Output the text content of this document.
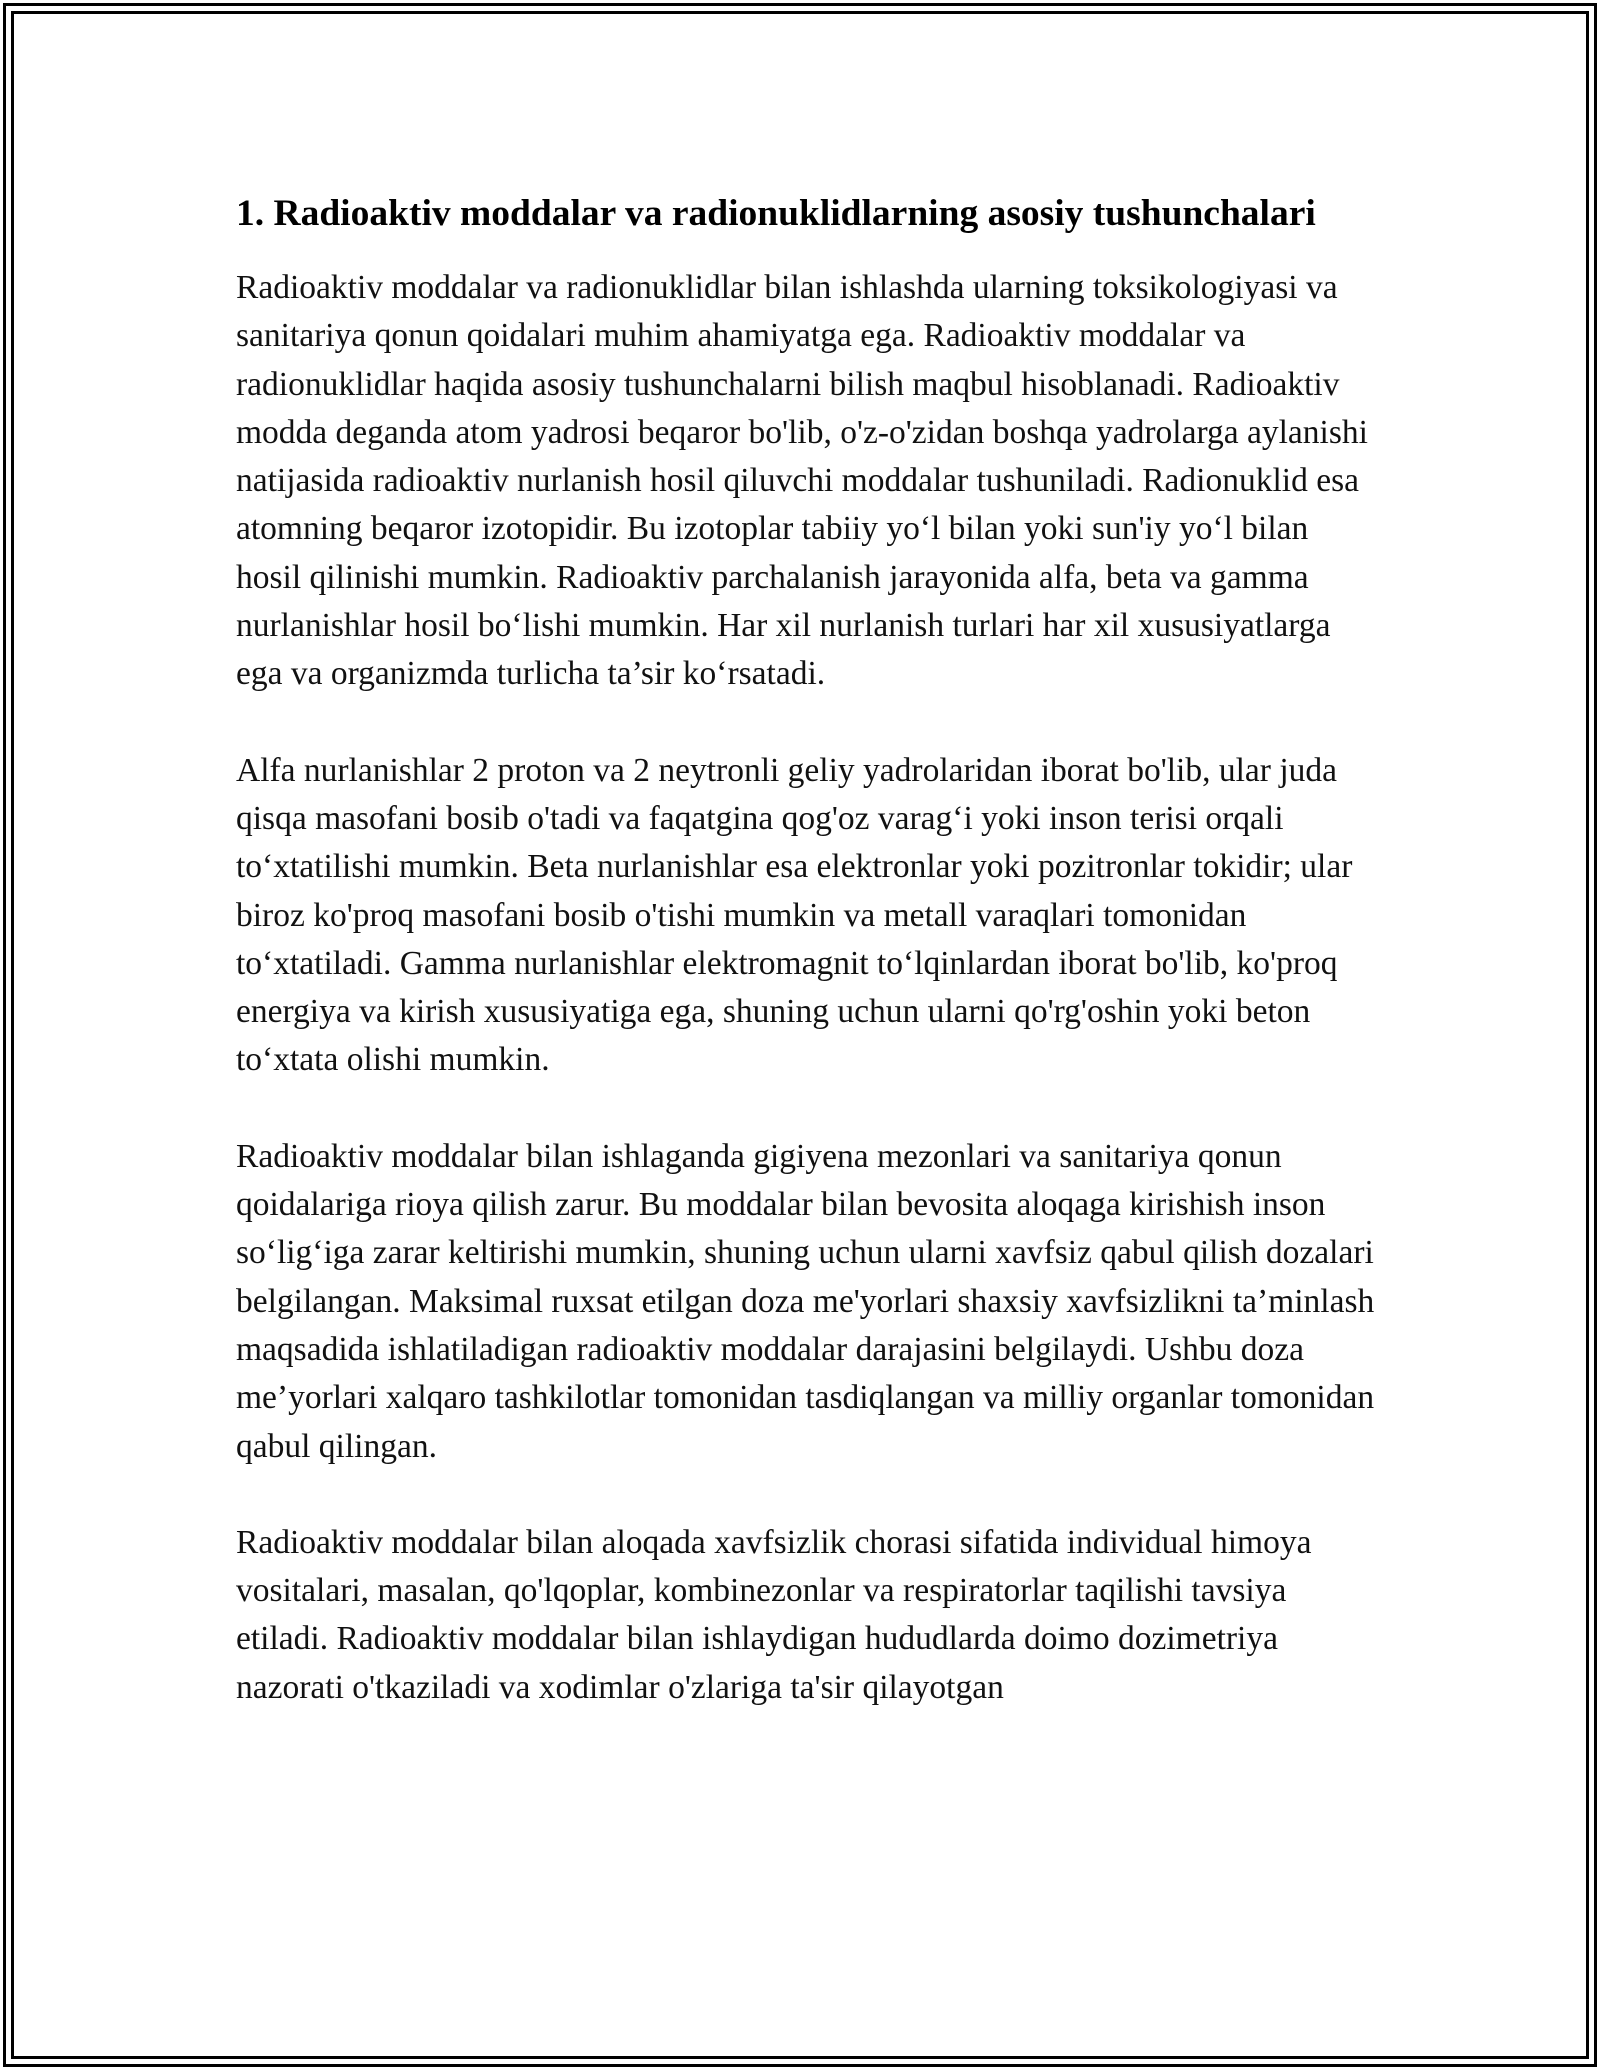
1. Radioaktiv moddalar va radionuklidlarning asosiy tushunchalari

Radioaktiv moddalar va radionuklidlar bilan ishlashda ularning toksikologiyasi va sanitariya qonun qoidalari muhim ahamiyatga ega. Radioaktiv moddalar va radionuklidlar haqida asosiy tushunchalarni bilish maqbul hisoblanadi. Radioaktiv modda deganda atom yadrosi beqaror bo'lib, o'z-o'zidan boshqa yadrolarga aylanishi natijasida radioaktiv nurlanish hosil qiluvchi moddalar tushuniladi. Radionuklid esa atomning beqaror izotopidir. Bu izotoplar tabiiy yo‘l bilan yoki sun'iy yo‘l bilan hosil qilinishi mumkin. Radioaktiv parchalanish jarayonida alfa, beta va gamma nurlanishlar hosil bo‘lishi mumkin. Har xil nurlanish turlari har xil xususiyatlarga ega va organizmda turlicha ta’sir ko‘rsatadi.

Alfa nurlanishlar 2 proton va 2 neytronli geliy yadrolaridan iborat bo'lib, ular juda qisqa masofani bosib o'tadi va faqatgina qog'oz varag‘i yoki inson terisi orqali to‘xtatilishi mumkin. Beta nurlanishlar esa elektronlar yoki pozitronlar tokidir; ular biroz ko'proq masofani bosib o'tishi mumkin va metall varaqlari tomonidan to‘xtatiladi. Gamma nurlanishlar elektromagnit to‘lqinlardan iborat bo'lib, ko'proq energiya va kirish xususiyatiga ega, shuning uchun ularni qo'rg'oshin yoki beton to‘xtata olishi mumkin.

Radioaktiv moddalar bilan ishlaganda gigiyena mezonlari va sanitariya qonun qoidalariga rioya qilish zarur. Bu moddalar bilan bevosita aloqaga kirishish inson so‘lig‘iga zarar keltirishi mumkin, shuning uchun ularni xavfsiz qabul qilish dozalari belgilangan. Maksimal ruxsat etilgan doza me'yorlari shaxsiy xavfsizlikni ta’minlash maqsadida ishlatiladigan radioaktiv moddalar darajasini belgilaydi. Ushbu doza me’yorlari xalqaro tashkilotlar tomonidan tasdiqlangan va milliy organlar tomonidan qabul qilingan.

Radioaktiv moddalar bilan aloqada xavfsizlik chorasi sifatida individual himoya vositalari, masalan, qo'lqoplar, kombinezonlar va respiratorlar taqilishi tavsiya etiladi. Radioaktiv moddalar bilan ishlaydigan hududlarda doimo dozimetriya nazorati o'tkaziladi va xodimlar o'zlariga ta'sir qilayotgan
